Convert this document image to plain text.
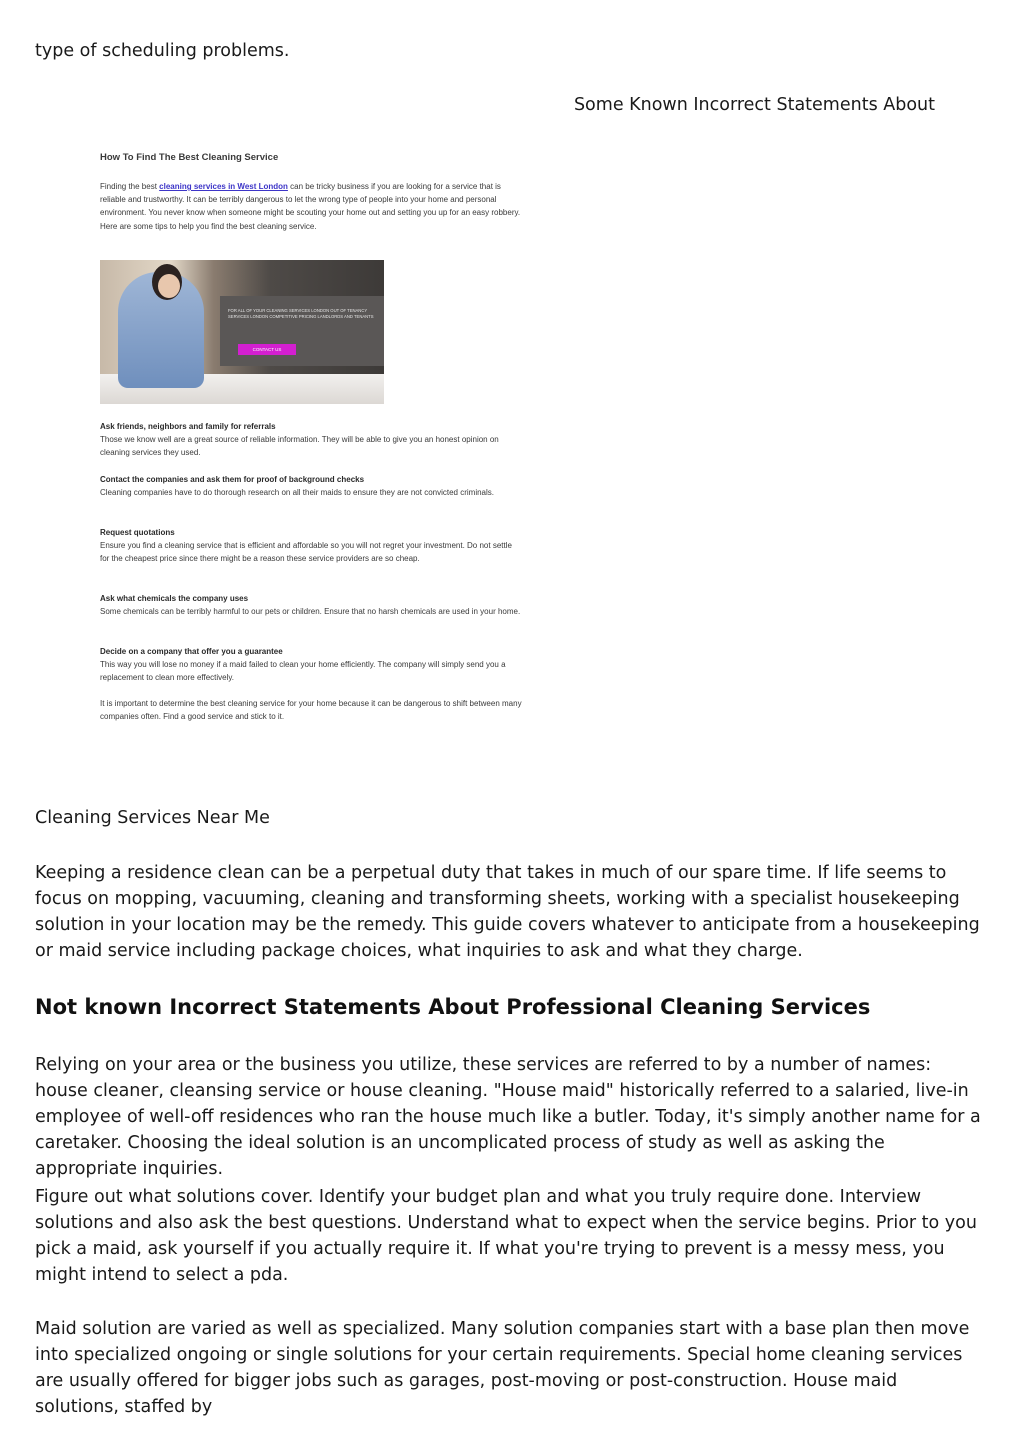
type of scheduling problems.
Some Known Incorrect Statements About
How To Find The Best Cleaning Service
Finding the best cleaning services in West London can be tricky business if you are looking for a service that is reliable and trustworthy. It can be terribly dangerous to let the wrong type of people into your home and personal environment. You never know when someone might be scouting your home out and setting you up for an easy robbery. Here are some tips to help you find the best cleaning service.
FOR ALL OF YOUR CLEANING SERVICES LONDON OUT OF TENANCY SERVICES LONDON COMPETITIVE PRICING LANDLORDS AND TENANTS
CONTACT US
Ask friends, neighbors and family for referrals
Those we know well are a great source of reliable information. They will be able to give you an honest opinion on cleaning services they used.
Contact the companies and ask them for proof of background checks
Cleaning companies have to do thorough research on all their maids to ensure they are not convicted criminals.
Request quotations
Ensure you find a cleaning service that is efficient and affordable so you will not regret your investment. Do not settle for the cheapest price since there might be a reason these service providers are so cheap.
Ask what chemicals the company uses
Some chemicals can be terribly harmful to our pets or children. Ensure that no harsh chemicals are used in your home.
Decide on a company that offer you a guarantee
This way you will lose no money if a maid failed to clean your home efficiently. The company will simply send you a replacement to clean more effectively.
It is important to determine the best cleaning service for your home because it can be dangerous to shift between many companies often. Find a good service and stick to it.
Cleaning Services Near Me
Keeping a residence clean can be a perpetual duty that takes in much of our spare time. If life seems to focus on mopping, vacuuming, cleaning and transforming sheets, working with a specialist housekeeping solution in your location may be the remedy. This guide covers whatever to anticipate from a housekeeping or maid service including package choices, what inquiries to ask and what they charge.
Not known Incorrect Statements About Professional Cleaning Services
Relying on your area or the business you utilize, these services are referred to by a number of names: house cleaner, cleansing service or house cleaning. "House maid" historically referred to a salaried, live-in employee of well-off residences who ran the house much like a butler. Today, it's simply another name for a caretaker. Choosing the ideal solution is an uncomplicated process of study as well as asking the appropriate inquiries.
Figure out what solutions cover. Identify your budget plan and what you truly require done. Interview solutions and also ask the best questions. Understand what to expect when the service begins. Prior to you pick a maid, ask yourself if you actually require it. If what you're trying to prevent is a messy mess, you might intend to select a pda.
Maid solution are varied as well as specialized. Many solution companies start with a base plan then move into specialized ongoing or single solutions for your certain requirements. Special home cleaning services are usually offered for bigger jobs such as garages, post-moving or post-construction. House maid solutions, staffed by
